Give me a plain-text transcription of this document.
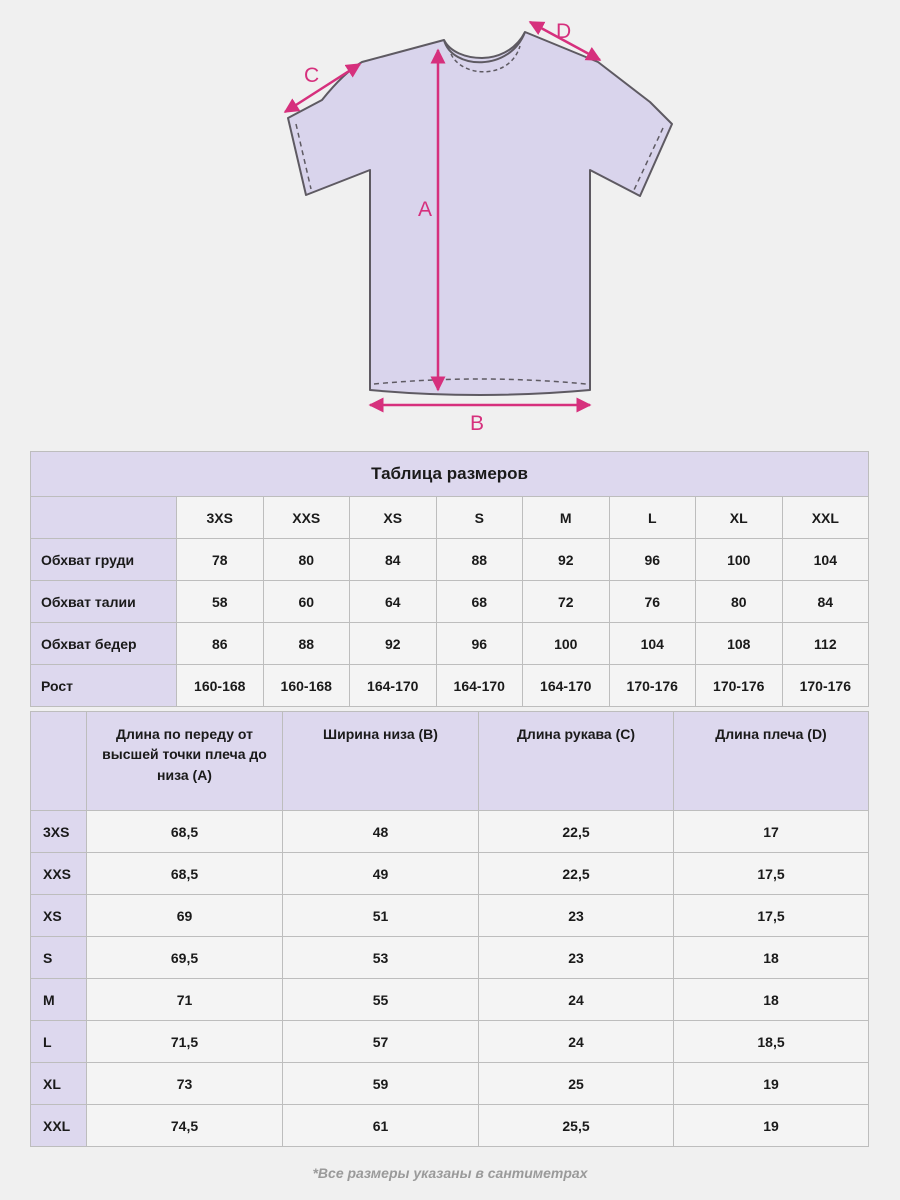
A
B
C
D
Таблица размеров								
	3XS	XXS	XS	S	M	L	XL	XXL
Обхват груди	78	80	84	88	92	96	100	104
Обхват талии	58	60	64	68	72	76	80	84
Обхват бедер	86	88	92	96	100	104	108	112
Рост	160-168	160-168	164-170	164-170	164-170	170-176	170-176	170-176
	Длина по переду от высшей точки плеча до низа (A)	Ширина низа (B)	Длина рукава (C)	Длина плеча (D)
3XS	68,5	48	22,5	17
XXS	68,5	49	22,5	17,5
XS	69	51	23	17,5
S	69,5	53	23	18
M	71	55	24	18
L	71,5	57	24	18,5
XL	73	59	25	19
XXL	74,5	61	25,5	19
*Все размеры указаны в сантиметрах
